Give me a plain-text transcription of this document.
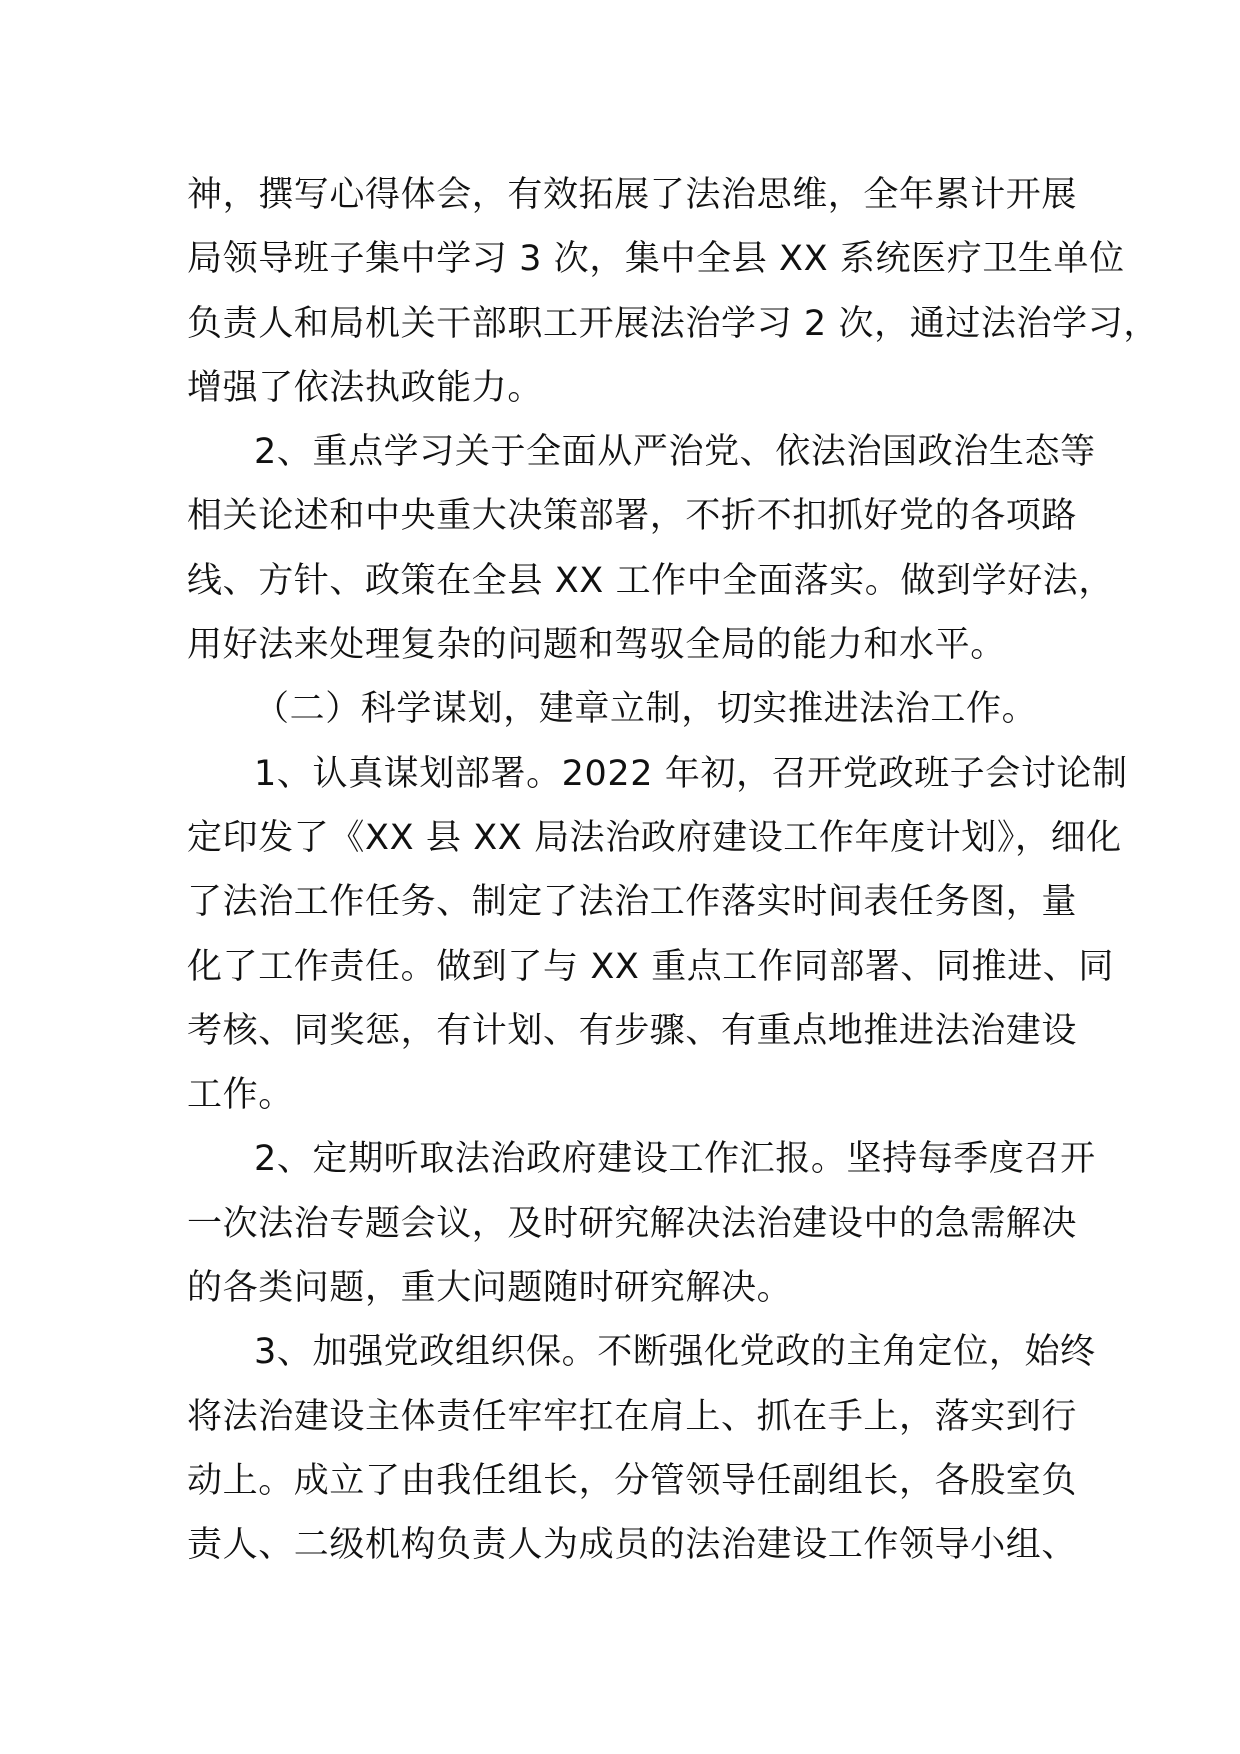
神，撰写心得体会，有效拓展了法治思维，全年累计开展
局领导班子集中学习 3 次，集中全县 XX 系统医疗卫生单位
负责人和局机关干部职工开展法治学习 2 次，通过法治学习，
增强了依法执政能力。
2、重点学习关于全面从严治党、依法治国政治生态等
相关论述和中央重大决策部署，不折不扣抓好党的各项路
线、方针、政策在全县 XX 工作中全面落实。做到学好法，
用好法来处理复杂的问题和驾驭全局的能力和水平。
（二）科学谋划，建章立制，切实推进法治工作。
1、认真谋划部署。2022 年初，召开党政班子会讨论制
定印发了《XX 县 XX 局法治政府建设工作年度计划》，细化
了法治工作任务、制定了法治工作落实时间表任务图，量
化了工作责任。做到了与 XX 重点工作同部署、同推进、同
考核、同奖惩，有计划、有步骤、有重点地推进法治建设
工作。
2、定期听取法治政府建设工作汇报。坚持每季度召开
一次法治专题会议，及时研究解决法治建设中的急需解决
的各类问题，重大问题随时研究解决。
3、加强党政组织保。不断强化党政的主角定位，始终
将法治建设主体责任牢牢扛在肩上、抓在手上，落实到行
动上。成立了由我任组长，分管领导任副组长，各股室负
责人、二级机构负责人为成员的法治建设工作领导小组、
